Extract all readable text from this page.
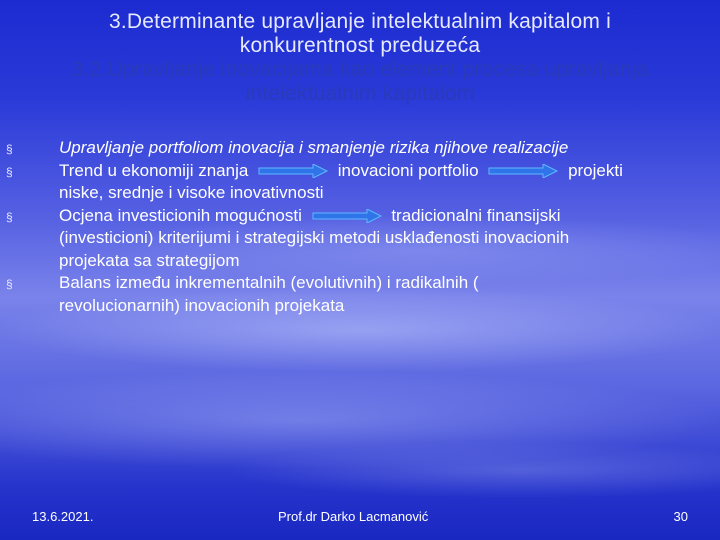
3.Determinante upravljanje intelektualnim kapitalom i
konkurentnost preduzeća
3.2.Upravljanje inovacijama kao element procesa upravljanja
intelektualnim kapitalom
§	Upravljanje portfoliom inovacija i smanjenje rizika njihove realizacije
§	Trend u ekonomiji znanja	inovacioni portfolio	projekti
niske, srednje i visoke inovativnosti
§	Ocjena investicionih mogućnosti	tradicionalni finansijski
(investicioni) kriterijumi i strategijski metodi usklađenosti inovacionih
projekata sa strategijom
§	Balans između inkrementalnih (evolutivnih) i radikalnih (
revolucionarnih) inovacionih projekata
13.6.2021.	Prof.dr Darko Lacmanović	30
